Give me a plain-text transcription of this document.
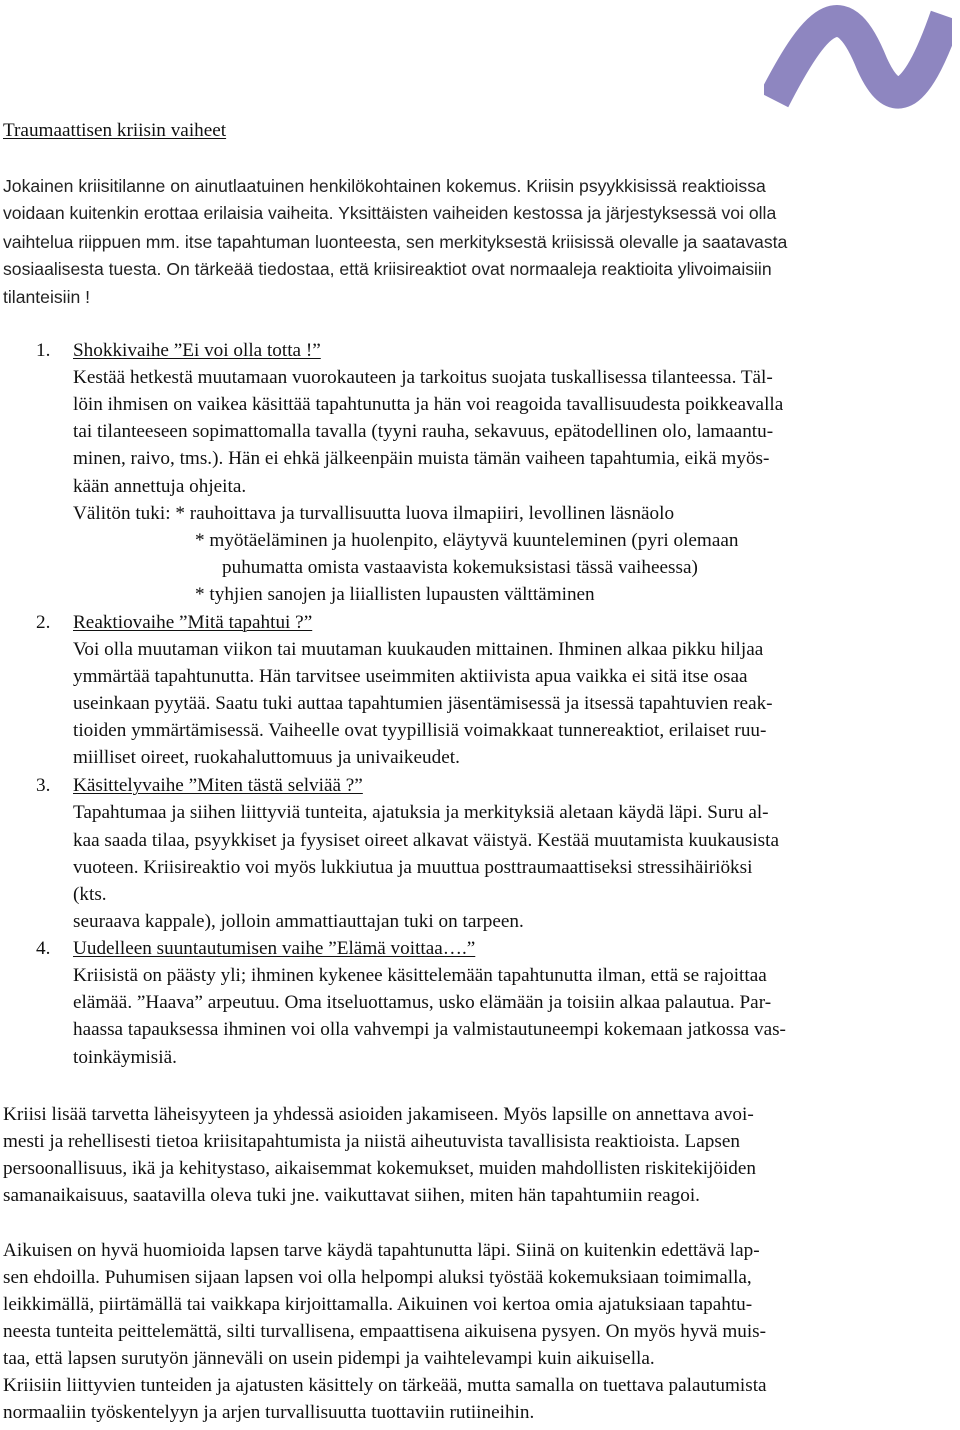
Traumaattisen kriisin vaiheet
Jokainen kriisitilanne on ainutlaatuinen henkilökohtainen kokemus. Kriisin psyykkisissä reaktioissa
voidaan kuitenkin erottaa erilaisia vaiheita. Yksittäisten vaiheiden kestossa ja järjestyksessä voi olla
vaihtelua riippuen mm. itse tapahtuman luonteesta, sen merkityksestä kriisissä olevalle ja saatavasta
sosiaalisesta tuesta. On tärkeää tiedostaa, että kriisireaktiot ovat normaaleja reaktioita ylivoimaisiin
tilanteisiin !
1. Shokkivaihe ”Ei voi olla totta !”
Kestää hetkestä muutamaan vuorokauteen ja tarkoitus suojata tuskallisessa tilanteessa. Täl-
löin ihmisen on vaikea käsittää tapahtunutta ja hän voi reagoida tavallisuudesta poikkeavalla
tai tilanteeseen sopimattomalla tavalla (tyyni rauha, sekavuus, epätodellinen olo, lamaantu-
minen, raivo, tms.). Hän ei ehkä jälkeenpäin muista tämän vaiheen tapahtumia, eikä myös-
kään annettuja ohjeita.
Välitön tuki: * rauhoittava ja turvallisuutta luova ilmapiiri, levollinen läsnäolo
* myötäeläminen ja huolenpito, eläytyvä kuunteleminen (pyri olemaan
puhumatta omista vastaavista kokemuksistasi tässä vaiheessa)
* tyhjien sanojen ja liiallisten lupausten välttäminen
2. Reaktiovaihe ”Mitä tapahtui ?”
Voi olla muutaman viikon tai muutaman kuukauden mittainen. Ihminen alkaa pikku hiljaa
ymmärtää tapahtunutta. Hän tarvitsee useimmiten aktiivista apua vaikka ei sitä itse osaa
useinkaan pyytää. Saatu tuki auttaa tapahtumien jäsentämisessä ja itsessä tapahtuvien reak-
tioiden ymmärtämisessä. Vaiheelle ovat tyypillisiä voimakkaat tunnereaktiot, erilaiset ruu-
miilliset oireet, ruokahaluttomuus ja univaikeudet.
3. Käsittelyvaihe ”Miten tästä selviää ?”
Tapahtumaa ja siihen liittyviä tunteita, ajatuksia ja merkityksiä aletaan käydä läpi. Suru al-
kaa saada tilaa, psyykkiset ja fyysiset oireet alkavat väistyä. Kestää muutamista kuukausista
vuoteen. Kriisireaktio voi myös lukkiutua ja muuttua posttraumaattiseksi stressihäiriöksi
(kts.
seuraava kappale), jolloin ammattiauttajan tuki on tarpeen.
4. Uudelleen suuntautumisen vaihe ”Elämä voittaa….”
Kriisistä on päästy yli; ihminen kykenee käsittelemään tapahtunutta ilman, että se rajoittaa
elämää. ”Haava” arpeutuu. Oma itseluottamus, usko elämään ja toisiin alkaa palautua. Par-
haassa tapauksessa ihminen voi olla vahvempi ja valmistautuneempi kokemaan jatkossa vas-
toinkäymisiä.
Kriisi lisää tarvetta läheisyyteen ja yhdessä asioiden jakamiseen. Myös lapsille on annettava avoi-
mesti ja rehellisesti tietoa kriisitapahtumista ja niistä aiheutuvista tavallisista reaktioista. Lapsen
persoonallisuus, ikä ja kehitystaso, aikaisemmat kokemukset, muiden mahdollisten riskitekijöiden
samanaikaisuus, saatavilla oleva tuki jne. vaikuttavat siihen, miten hän tapahtumiin reagoi.
Aikuisen on hyvä huomioida lapsen tarve käydä tapahtunutta läpi. Siinä on kuitenkin edettävä lap-
sen ehdoilla. Puhumisen sijaan lapsen voi olla helpompi aluksi työstää kokemuksiaan toimimalla,
leikkimällä, piirtämällä tai vaikkapa kirjoittamalla. Aikuinen voi kertoa omia ajatuksiaan tapahtu-
neesta tunteita peittelemättä, silti turvallisena, empaattisena aikuisena pysyen. On myös hyvä muis-
taa, että lapsen surutyön jänneväli on usein pidempi ja vaihtelevampi kuin aikuisella.
Kriisiin liittyvien tunteiden ja ajatusten käsittely on tärkeää, mutta samalla on tuettava palautumista
normaaliin työskentelyyn ja arjen turvallisuutta tuottaviin rutiineihin.
